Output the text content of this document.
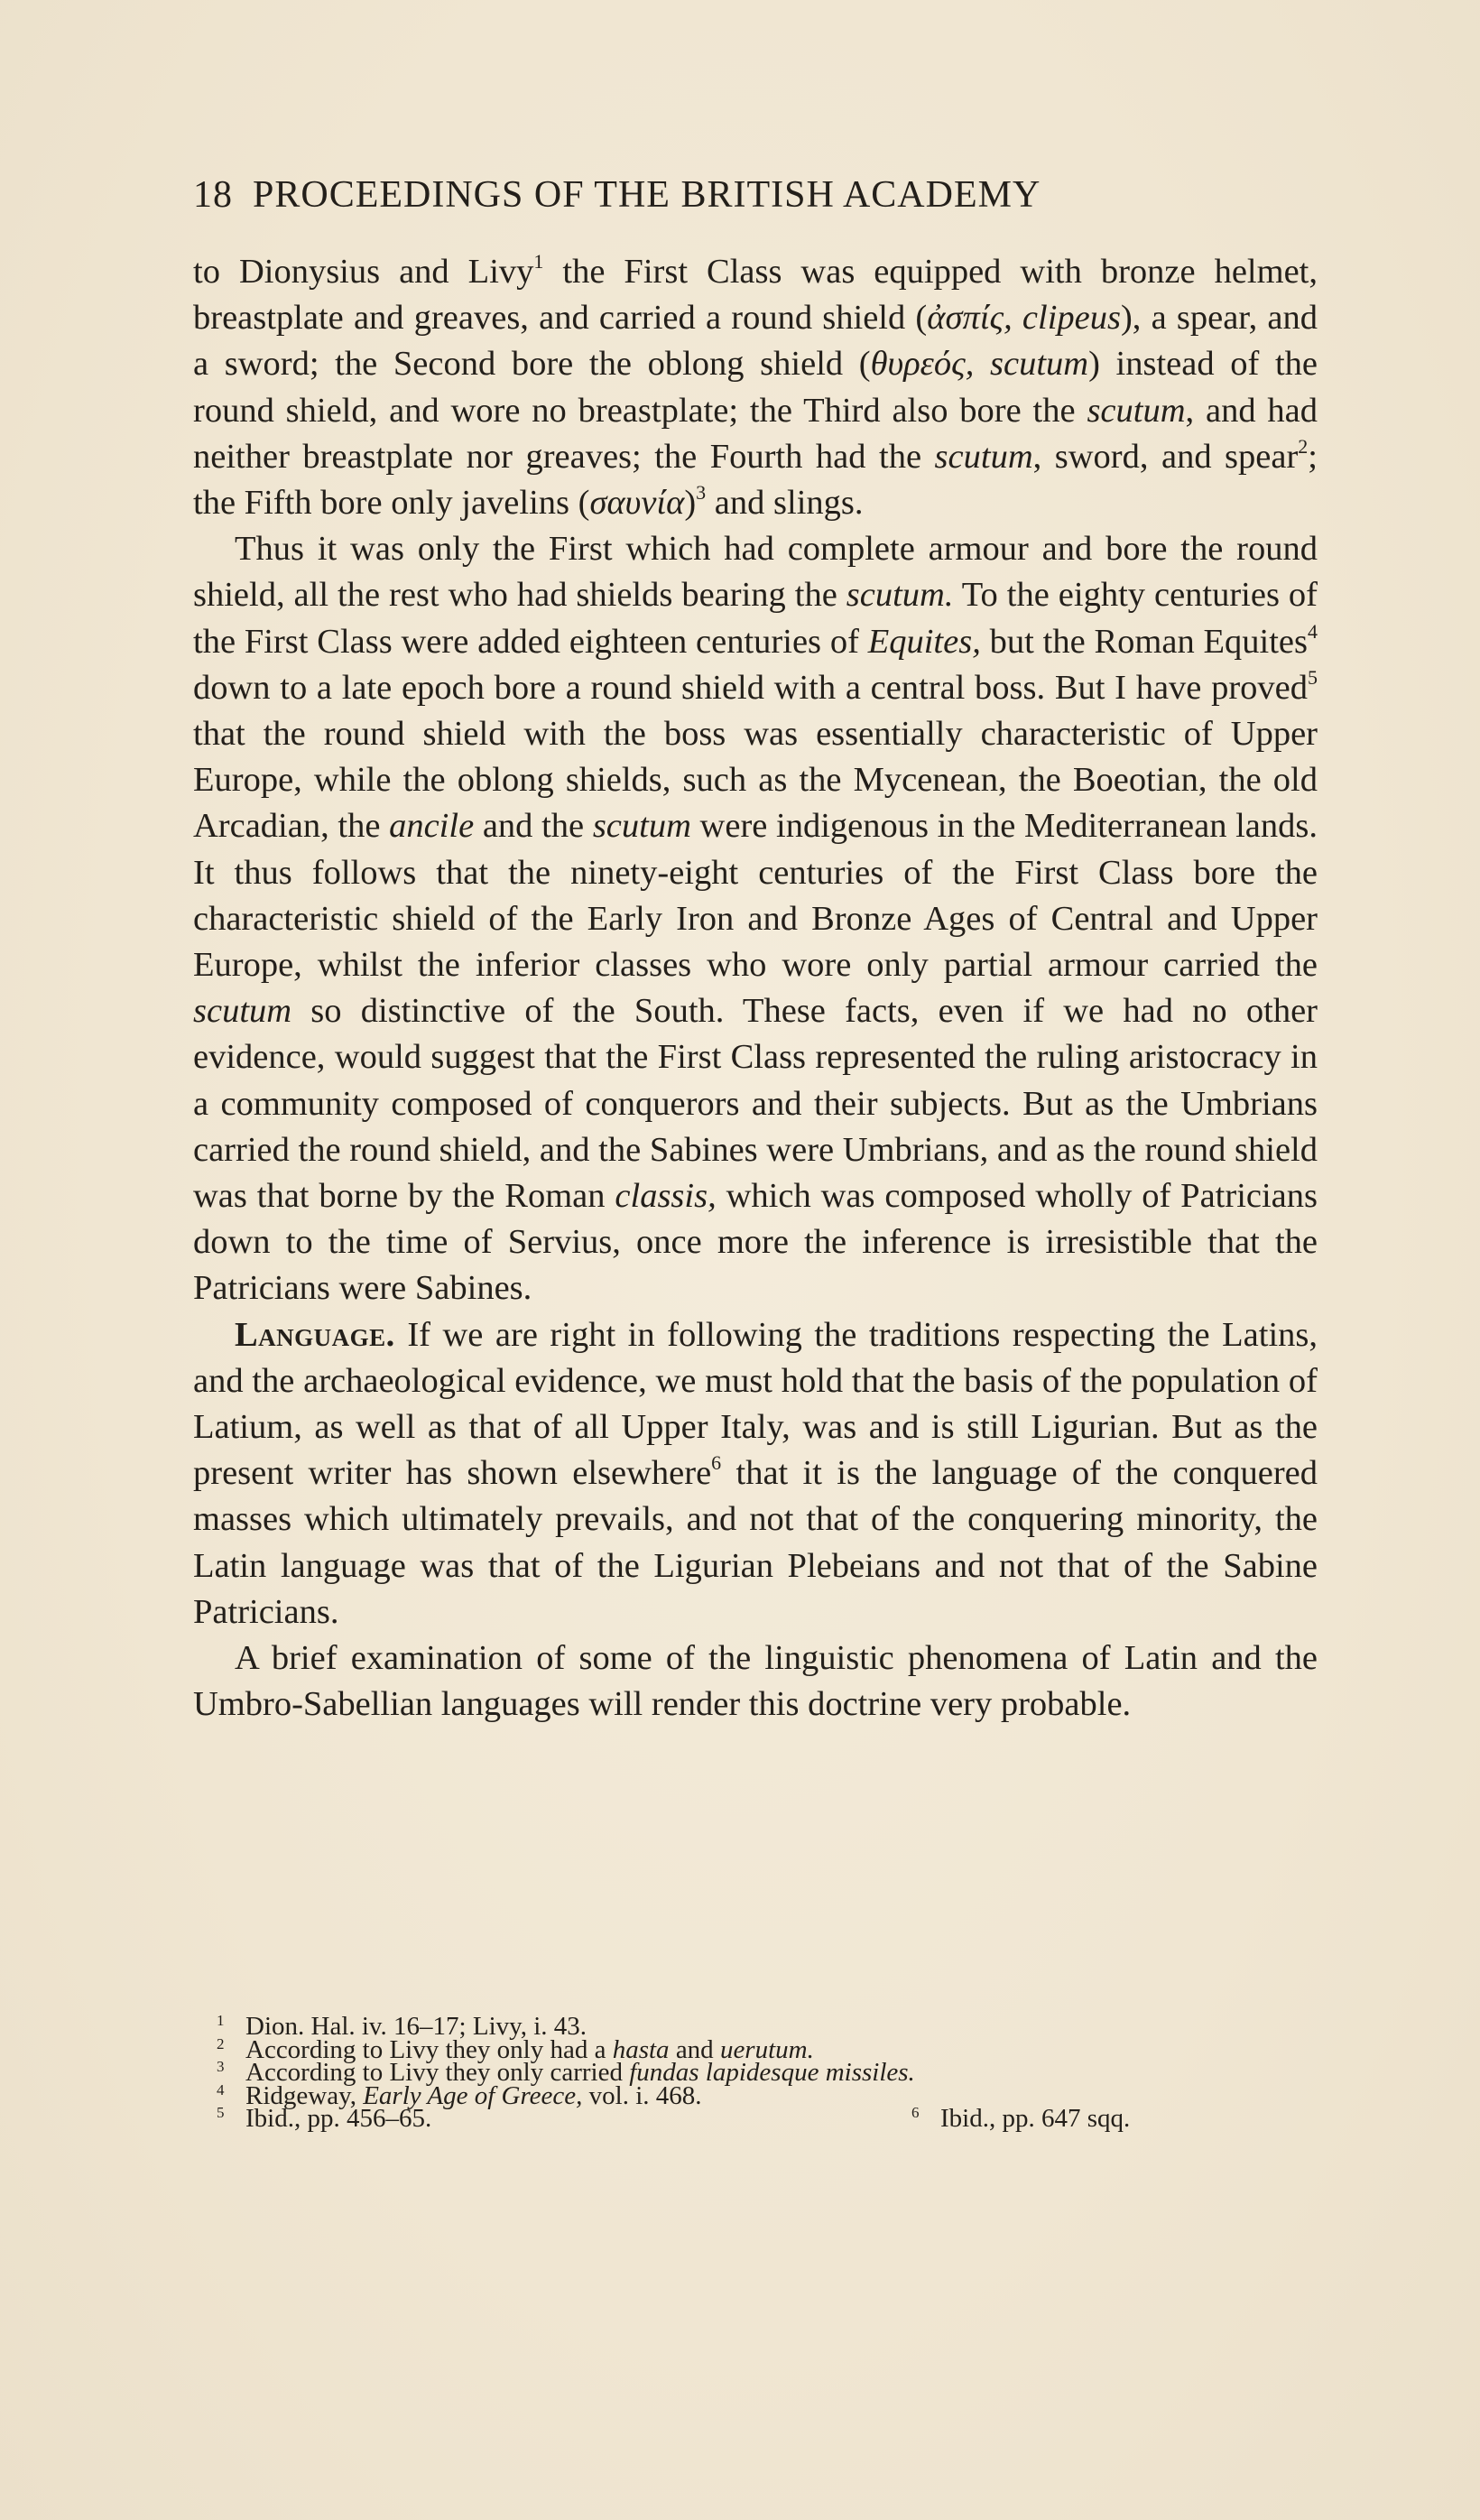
18 PROCEEDINGS OF THE BRITISH ACADEMY

to Dionysius and Livy$^1$ the First Class was equipped with bronze helmet, breastplate and greaves, and carried a round shield (ἀσπίς, clipeus), a spear, and a sword; the Second bore the oblong shield (θυρεός, scutum) instead of the round shield, and wore no breastplate; the Third also bore the scutum, and had neither breastplate nor greaves; the Fourth had the scutum, sword, and spear$^2$; the Fifth bore only javelins $(\sigma\alpha\upsilon\nu ί\alpha)^3$ and slings.

Thus it was only the First which had complete armour and bore the round shield, all the rest who had shields bearing the scutum. To the eighty centuries of the First Class were added eighteen centuries of Equites, but the Roman Equites$^4$ down to a late epoch bore a round shield with a central boss. But I have proved$^5$ that the round shield with the boss was essentially characteristic of Upper Europe, while the oblong shields, such as the Mycenean, the Boeotian, the old Arcadian, the ancile and the scutum were indigenous in the Mediterranean lands. It thus follows that the ninety-eight centuries of the First Class bore the characteristic shield of the Early Iron and Bronze Ages of Central and Upper Europe, whilst the inferior classes who wore only partial armour carried the scutum so distinctive of the South. These facts, even if we had no other evidence, would suggest that the First Class represented the ruling aristocracy in a community composed of conquerors and their subjects. But as the Umbrians carried the round shield, and the Sabines were Umbrians, and as the round shield was that borne by the Roman classis, which was composed wholly of Patricians down to the time of Servius, once more the inference is irresistible that the Patricians were Sabines.

Language. If we are right in following the traditions respecting the Latins, and the archaeological evidence, we must hold that the basis of the population of Latium, as well as that of all Upper Italy, was and is still Ligurian. But as the present writer has shown elsewhere$^6$ that it is the language of the conquered masses which ultimately prevails, and not that of the conquering minority, the Latin language was that of the Ligurian Plebeians and not that of the Sabine Patricians.

A brief examination of some of the linguistic phenomena of Latin and the Umbro-Sabellian languages will render this doctrine very probable.

1 Dion. Hal. iv. 16–17; Livy, i. 43.
2 According to Livy they only had a hasta and uerutum.
3 According to Livy they only carried fundas lapidesque missiles.
4 Ridgeway, Early Age of Greece, vol. i. 468.
5 Ibid., pp. 456–65.	6 Ibid., pp. 647 sqq.
